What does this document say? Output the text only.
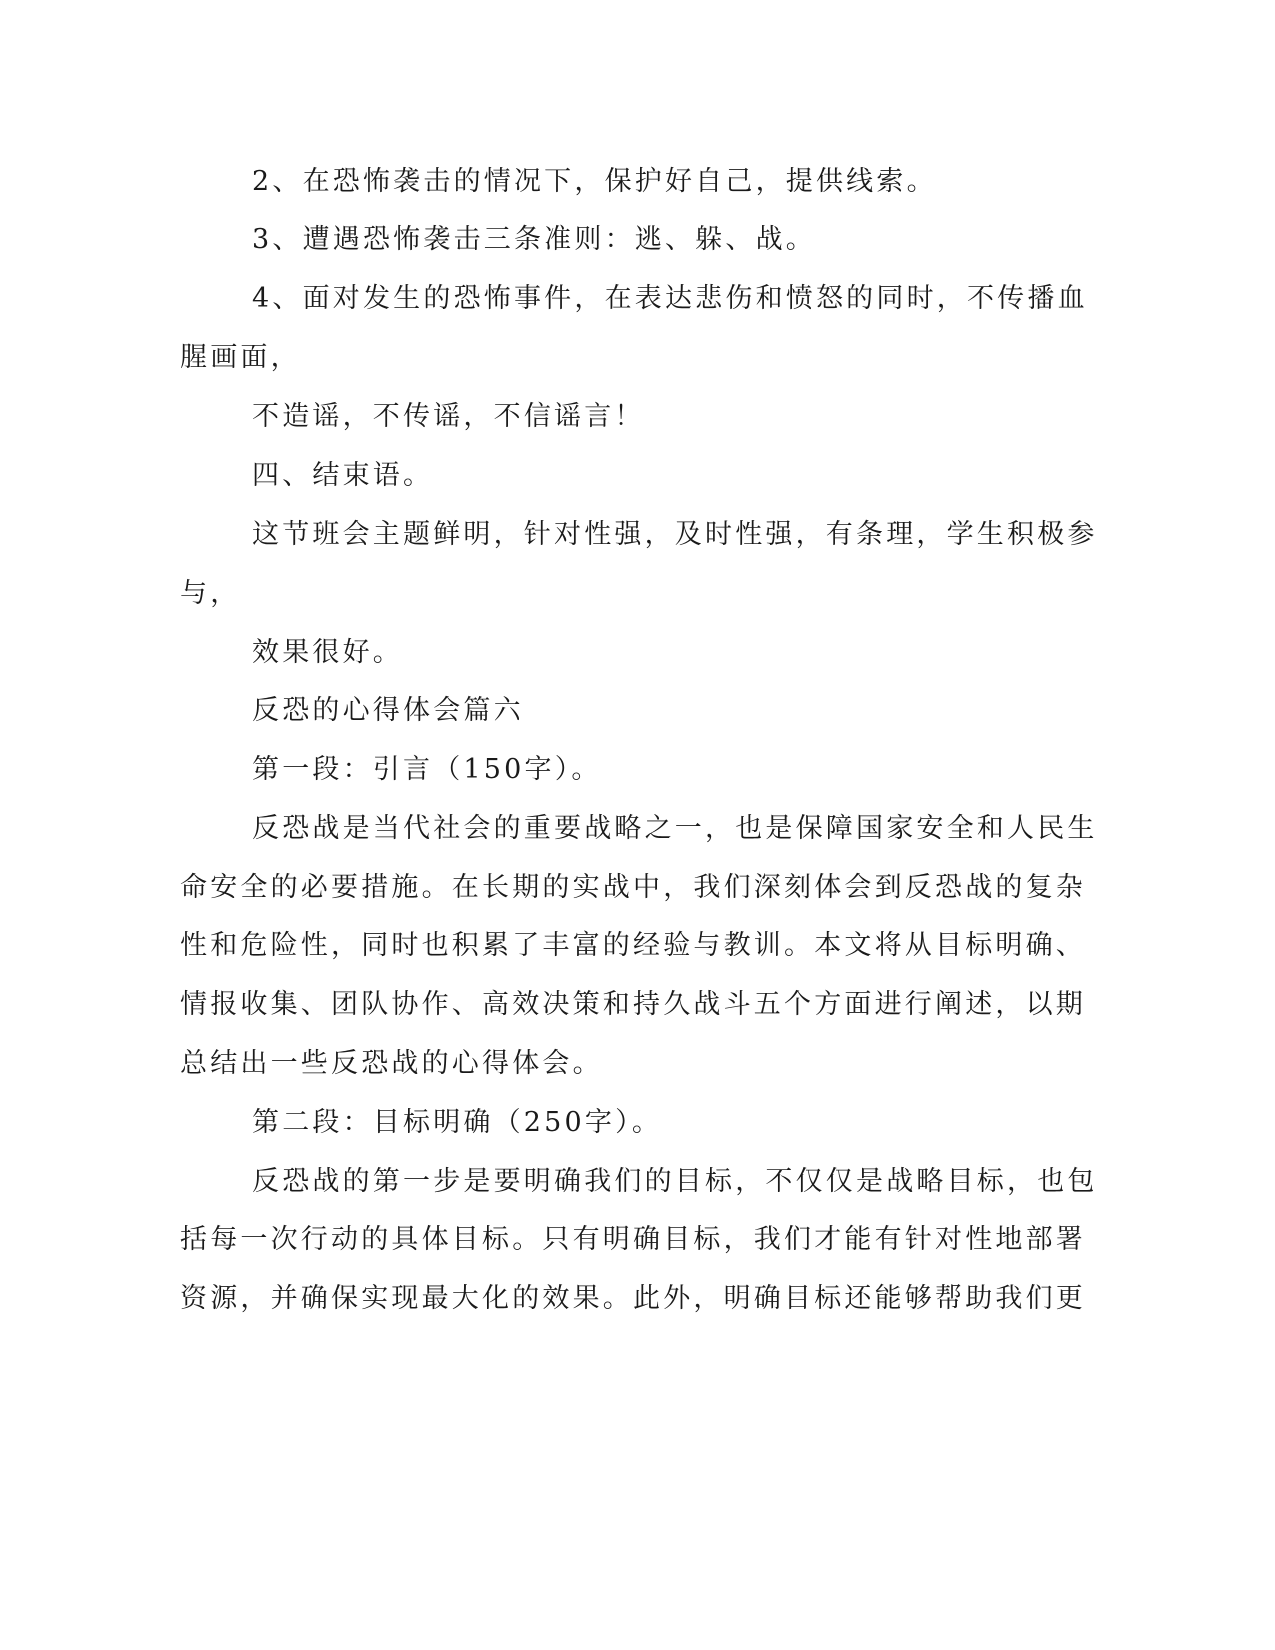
2、在恐怖袭击的情况下，保护好自己，提供线索。
3、遭遇恐怖袭击三条准则：逃、躲、战。
4、面对发生的恐怖事件，在表达悲伤和愤怒的同时，不传播血
腥画面，
不造谣，不传谣，不信谣言！
四、结束语。
这节班会主题鲜明，针对性强，及时性强，有条理，学生积极参
与，
效果很好。
反恐的心得体会篇六
第一段：引言（150字）。
反恐战是当代社会的重要战略之一，也是保障国家安全和人民生
命安全的必要措施。在长期的实战中，我们深刻体会到反恐战的复杂
性和危险性，同时也积累了丰富的经验与教训。本文将从目标明确、
情报收集、团队协作、高效决策和持久战斗五个方面进行阐述，以期
总结出一些反恐战的心得体会。
第二段：目标明确（250字）。
反恐战的第一步是要明确我们的目标，不仅仅是战略目标，也包
括每一次行动的具体目标。只有明确目标，我们才能有针对性地部署
资源，并确保实现最大化的效果。此外，明确目标还能够帮助我们更
